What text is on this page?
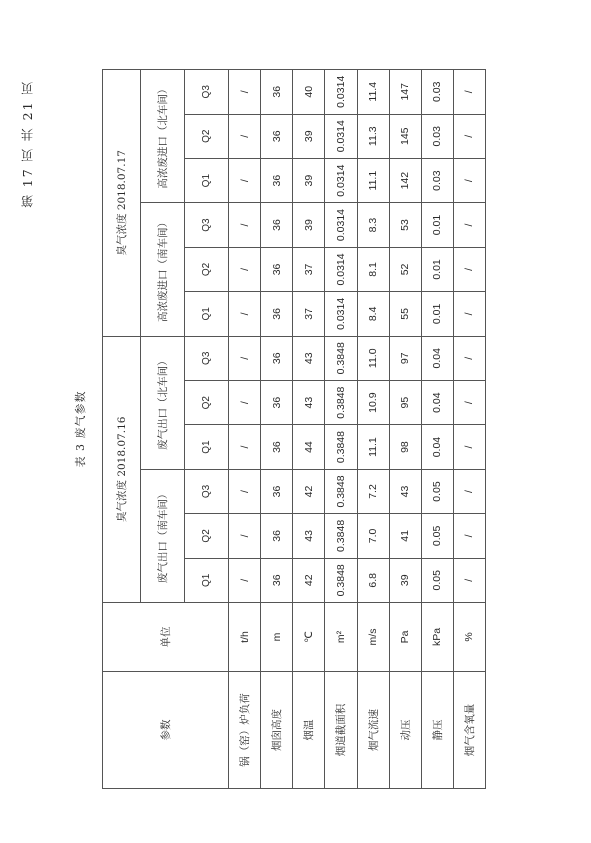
第 17 页 共 21 页
表 3 废气参数
参数	单位	臭气浓度 2018.07.16						臭气浓度 2018.07.17					
		废气出口（南车间）			废气出口（北车间）			高浓废进口（南车间）			高浓废进口（北车间）		
		Q1	Q2	Q3	Q1	Q2	Q3	Q1	Q2	Q3	Q1	Q2	Q3
锅（窑）炉负荷	t/h	/	/	/	/	/	/	/	/	/	/	/	/
烟囱高度	m	36	36	36	36	36	36	36	36	36	36	36	36
烟温	℃	42	43	42	44	43	43	37	37	39	39	39	40
烟道截面积	m²	0.3848	0.3848	0.3848	0.3848	0.3848	0.3848	0.0314	0.0314	0.0314	0.0314	0.0314	0.0314
烟气流速	m/s	6.8	7.0	7.2	11.1	10.9	11.0	8.4	8.1	8.3	11.1	11.3	11.4
动压	Pa	39	41	43	98	95	97	55	52	53	142	145	147
静压	kPa	0.05	0.05	0.05	0.04	0.04	0.04	0.01	0.01	0.01	0.03	0.03	0.03
烟气含氧量	%	/	/	/	/	/	/	/	/	/	/	/	/
